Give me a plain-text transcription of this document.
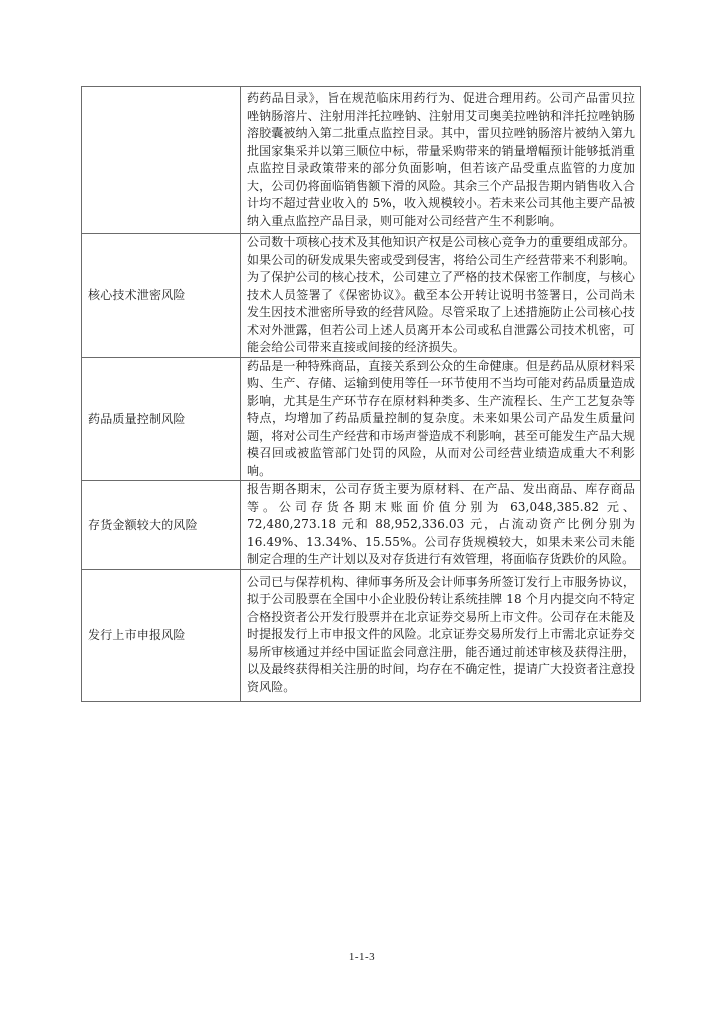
	药药品目录》，旨在规范临床用药行为、促进合理用药。公司产品雷贝拉唑钠肠溶片、注射用泮托拉唑钠、注射用艾司奥美拉唑钠和泮托拉唑钠肠溶胶囊被纳入第二批重点监控目录。其中，雷贝拉唑钠肠溶片被纳入第九批国家集采并以第三顺位中标，带量采购带来的销量增幅预计能够抵消重点监控目录政策带来的部分负面影响，但若该产品受重点监管的力度加大，公司仍将面临销售额下滑的风险。其余三个产品报告期内销售收入合计均不超过营业收入的 5%，收入规模较小。若未来公司其他主要产品被纳入重点监控产品目录，则可能对公司经营产生不利影响。
核心技术泄密风险	公司数十项核心技术及其他知识产权是公司核心竞争力的重要组成部分。如果公司的研发成果失密或受到侵害，将给公司生产经营带来不利影响。为了保护公司的核心技术，公司建立了严格的技术保密工作制度，与核心技术人员签署了《保密协议》。截至本公开转让说明书签署日，公司尚未发生因技术泄密所导致的经营风险。尽管采取了上述措施防止公司核心技术对外泄露，但若公司上述人员离开本公司或私自泄露公司技术机密，可能会给公司带来直接或间接的经济损失。
药品质量控制风险	药品是一种特殊商品，直接关系到公众的生命健康。但是药品从原材料采购、生产、存储、运输到使用等任一环节使用不当均可能对药品质量造成影响，尤其是生产环节存在原材料种类多、生产流程长、生产工艺复杂等特点，均增加了药品质量控制的复杂度。未来如果公司产品发生质量问题，将对公司生产经营和市场声誉造成不利影响，甚至可能发生产品大规模召回或被监管部门处罚的风险，从而对公司经营业绩造成重大不利影响。
存货金额较大的风险	报告期各期末，公司存货主要为原材料、在产品、发出商品、库存商品等。公司存货各期末账面价值分别为 63,048,385.82 元、72,480,273.18 元和 88,952,336.03 元，占流动资产比例分别为 16.49%、13.34%、15.55%。公司存货规模较大，如果未来公司未能制定合理的生产计划以及对存货进行有效管理，将面临存货跌价的风险。
发行上市申报风险	公司已与保荐机构、律师事务所及会计师事务所签订发行上市服务协议，拟于公司股票在全国中小企业股份转让系统挂牌 18 个月内提交向不特定合格投资者公开发行股票并在北京证券交易所上市文件。公司存在未能及时提报发行上市申报文件的风险。北京证券交易所发行上市需北京证券交易所审核通过并经中国证监会同意注册，能否通过前述审核及获得注册，以及最终获得相关注册的时间，均存在不确定性，提请广大投资者注意投资风险。
1-1-3
